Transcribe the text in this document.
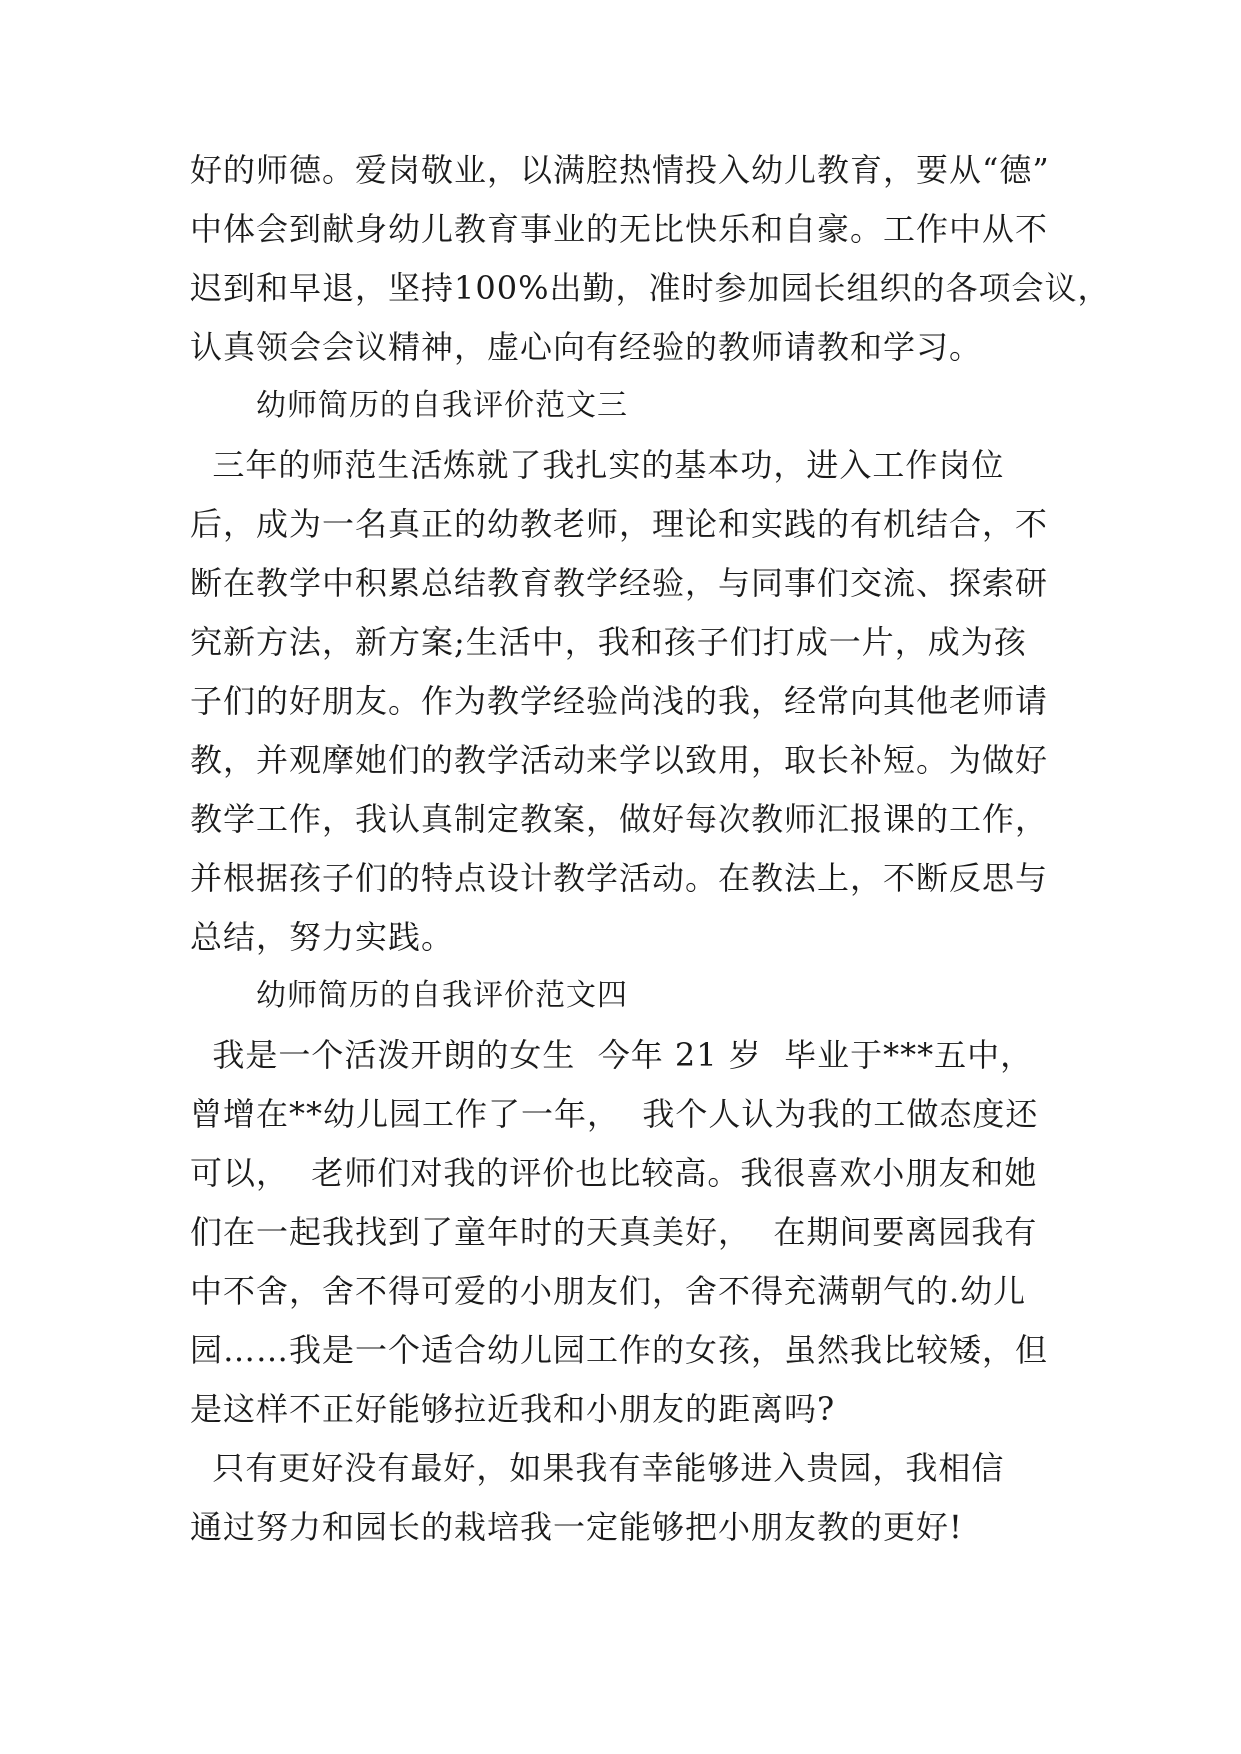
好的师德。爱岗敬业，以满腔热情投入幼儿教育，要从“德”
中体会到献身幼儿教育事业的无比快乐和自豪。工作中从不
迟到和早退，坚持100%出勤，准时参加园长组织的各项会议，
认真领会会议精神，虚心向有经验的教师请教和学习。
幼师简历的自我评价范文三
三年的师范生活炼就了我扎实的基本功，进入工作岗位
后，成为一名真正的幼教老师，理论和实践的有机结合，不
断在教学中积累总结教育教学经验，与同事们交流、探索研
究新方法，新方案;生活中，我和孩子们打成一片，成为孩
子们的好朋友。作为教学经验尚浅的我，经常向其他老师请
教，并观摩她们的教学活动来学以致用，取长补短。为做好
教学工作，我认真制定教案，做好每次教师汇报课的工作，
并根据孩子们的特点设计教学活动。在教法上，不断反思与
总结，努力实践。
幼师简历的自我评价范文四
我是一个活泼开朗的女生  今年 21 岁  毕业于***五中，
曾增在**幼儿园工作了一年，  我个人认为我的工做态度还
可以，  老师们对我的评价也比较高。我很喜欢小朋友和她
们在一起我找到了童年时的天真美好，  在期间要离园我有
中不舍，舍不得可爱的小朋友们，舍不得充满朝气的.幼儿
园……我是一个适合幼儿园工作的女孩，虽然我比较矮，但
是这样不正好能够拉近我和小朋友的距离吗?
只有更好没有最好，如果我有幸能够进入贵园，我相信
通过努力和园长的栽培我一定能够把小朋友教的更好!
